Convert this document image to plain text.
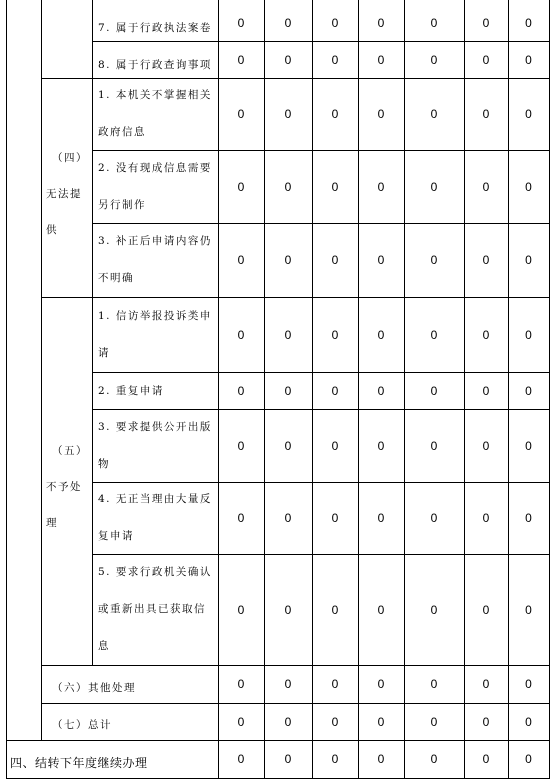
7. 属于行政执法案卷	0	0	0	0	0	0	0
8. 属于行政查询事项	0	0	0	0	0	0	0
（四）
无法提
供
1. 本机关不掌握相关
政府信息
0	0	0	0	0	0	0
2. 没有现成信息需要
另行制作
0	0	0	0	0	0	0
3. 补正后申请内容仍
不明确
0	0	0	0	0	0	0
（五）
不予处
理
1. 信访举报投诉类申
请
0	0	0	0	0	0	0
2. 重复申请	0	0	0	0	0	0	0
3. 要求提供公开出版
物
0	0	0	0	0	0	0
4. 无正当理由大量反
复申请
0	0	0	0	0	0	0
5. 要求行政机关确认
或重新出具已获取信
息
0	0	0	0	0	0	0
（六）其他处理	0	0	0	0	0	0	0
（七）总计	0	0	0	0	0	0	0
四、结转下年度继续办理	0	0	0	0	0	0	0
